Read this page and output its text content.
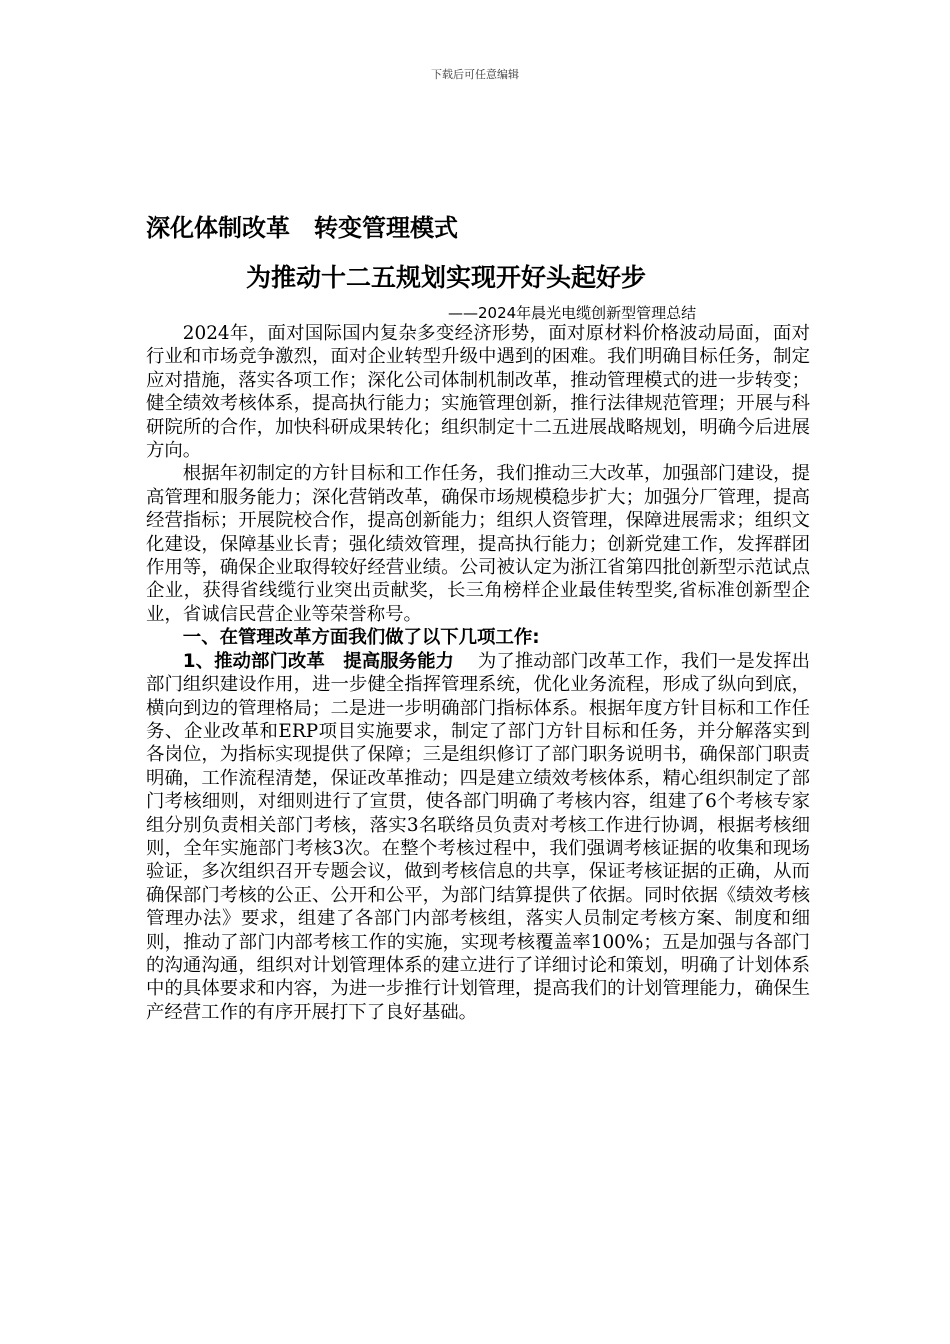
下载后可任意编辑
深化体制改革　转变管理模式
为推动十二五规划实现开好头起好步
——2024年晨光电缆创新型管理总结

2024年，面对国际国内复杂多变经济形势，面对原材料价格波动局面，面对行业和市场竞争激烈，面对企业转型升级中遇到的困难。我们明确目标任务，制定应对措施，落实各项工作；深化公司体制机制改革，推动管理模式的进一步转变；健全绩效考核体系，提高执行能力；实施管理创新，推行法律规范管理；开展与科研院所的合作，加快科研成果转化；组织制定十二五进展战略规划，明确今后进展方向。

根据年初制定的方针目标和工作任务，我们推动三大改革，加强部门建设，提高管理和服务能力；深化营销改革，确保市场规模稳步扩大；加强分厂管理，提高经营指标；开展院校合作，提高创新能力；组织人资管理，保障进展需求；组织文化建设，保障基业长青；强化绩效管理，提高执行能力；创新党建工作，发挥群团作用等，确保企业取得较好经营业绩。公司被认定为浙江省第四批创新型示范试点企业，获得省线缆行业突出贡献奖，长三角榜样企业最佳转型奖,省标准创新型企业，省诚信民营企业等荣誉称号。

一、在管理改革方面我们做了以下几项工作:

1、推动部门改革　提高服务能力 为了推动部门改革工作，我们一是发挥出部门组织建设作用，进一步健全指挥管理系统，优化业务流程，形成了纵向到底，横向到边的管理格局；二是进一步明确部门指标体系。根据年度方针目标和工作任务、企业改革和ERP项目实施要求，制定了部门方针目标和任务，并分解落实到各岗位，为指标实现提供了保障；三是组织修订了部门职务说明书，确保部门职责明确，工作流程清楚，保证改革推动；四是建立绩效考核体系，精心组织制定了部门考核细则，对细则进行了宣贯，使各部门明确了考核内容，组建了6个考核专家组分别负责相关部门考核，落实3名联络员负责对考核工作进行协调，根据考核细则，全年实施部门考核3次。在整个考核过程中，我们强调考核证据的收集和现场验证，多次组织召开专题会议，做到考核信息的共享，保证考核证据的正确，从而确保部门考核的公正、公开和公平，为部门结算提供了依据。同时依据《绩效考核管理办法》要求，组建了各部门内部考核组，落实人员制定考核方案、制度和细则，推动了部门内部考核工作的实施，实现考核覆盖率100%；五是加强与各部门的沟通沟通，组织对计划管理体系的建立进行了详细讨论和策划，明确了计划体系中的具体要求和内容，为进一步推行计划管理，提高我们的计划管理能力，确保生产经营工作的有序开展打下了良好基础。
